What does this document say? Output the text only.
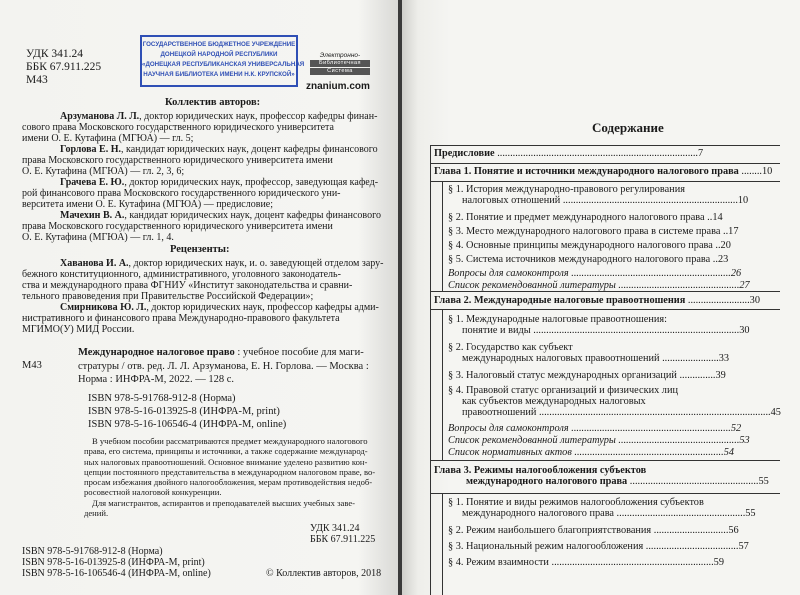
УДК 341.24
ББК 67.911.225
М43
ГОСУДАРСТВЕННОЕ БЮДЖЕТНОЕ УЧРЕЖДЕНИЕ
ДОНЕЦКОЙ НАРОДНОЙ РЕСПУБЛИКИ
«ДОНЕЦКАЯ РЕСПУБЛИКАНСКАЯ УНИВЕРСАЛЬНАЯ
НАУЧНАЯ БИБЛИОТЕКА ИМЕНИ Н.К. КРУПСКОЙ»
Электронно-
Библиотечная
Система
znanium.com
Коллектив авторов:
Арзуманова Л. Л., доктор юридических наук, профессор кафедры финан-
сового права Московского государственного юридического университета
имени О. Е. Кутафина (МГЮА) — гл. 5;
Горлова Е. Н., кандидат юридических наук, доцент кафедры финансового
права Московского государственного юридического университета имени
О. Е. Кутафина (МГЮА) — гл. 2, 3, 6;
Грачева Е. Ю., доктор юридических наук, профессор, заведующая кафед-
рой финансового права Московского государственного юридического уни-
верситета имени О. Е. Кутафина (МГЮА) — предисловие;
Мачехин В. А., кандидат юридических наук, доцент кафедры финансового
права Московского государственного юридического университета имени
О. Е. Кутафина (МГЮА) — гл. 1, 4.
Рецензенты:
Хаванова И. А., доктор юридических наук, и. о. заведующей отделом зару-
бежного конституционного, административного, уголовного законодатель-
ства и международного права ФГНИУ «Институт законодательства и сравни-
тельного правоведения при Правительстве Российской Федерации»;
Смирникова Ю. Л., доктор юридических наук, профессор кафедры адми-
нистративного и финансового права Международно-правового факультета
МГИМО(У) МИД России.
М43
Международное налоговое право : учебное пособие для маги-
стратуры / отв. ред. Л. Л. Арзуманова, Е. Н. Горлова. — Москва :
Норма : ИНФРА-М, 2022. — 128 с.
ISBN 978-5-91768-912-8 (Норма)
ISBN 978-5-16-013925-8 (ИНФРА-М, print)
ISBN 978-5-16-106546-4 (ИНФРА-М, online)
В учебном пособии рассматриваются предмет международного налогового
права, его система, принципы и источники, а также содержание международ-
ных налоговых правоотношений. Основное внимание уделено развитию кон-
цепции постоянного представительства в международном налоговом праве, во-
просам избежания двойного налогообложения, мерам противодействия недоб-
росовестной налоговой конкуренции.
Для магистрантов, аспирантов и преподавателей высших учебных заве-
дений.
УДК 341.24
ББК 67.911.225
ISBN 978-5-91768-912-8 (Норма)
ISBN 978-5-16-013925-8 (ИНФРА-М, print)
ISBN 978-5-16-106546-4 (ИНФРА-М, online)	© Коллектив авторов, 2018
Содержание
Предисловие ..............................................................................7
Глава 1. Понятие и источники международного налогового права ........10
§ 1. История международно-правового регулирования
налоговых отношений ....................................................................10
§ 2. Понятие и предмет международного налогового права ..14
§ 3. Место международного налогового права в системе права ..17
§ 4. Основные принципы международного налогового права ..20
§ 5. Система источников международного налогового права ..23
Вопросы для самоконтроля ..............................................................26
Список рекомендованной литературы ...............................................27
Глава 2. Международные налоговые правоотношения ........................30
§ 1. Международные налоговые правоотношения:
понятие и виды ................................................................................30
§ 2. Государство как субъект
международных налоговых правоотношений ......................33
§ 3. Налоговый статус международных организаций ..............39
§ 4. Правовой статус организаций и физических лиц
как субъектов международных налоговых
правоотношений ..........................................................................................45
Вопросы для самоконтроля ..............................................................52
Список рекомендованной литературы ...............................................53
Список нормативных актов ..........................................................54
Глава 3. Режимы налогообложения субъектов
международного налогового права ..................................................55
§ 1. Понятие и виды режимов налогообложения субъектов
международного налогового права ..................................................55
§ 2. Режим наибольшего благоприятствования .............................56
§ 3. Национальный режим налогообложения ....................................57
§ 4. Режим взаимности ...............................................................59
